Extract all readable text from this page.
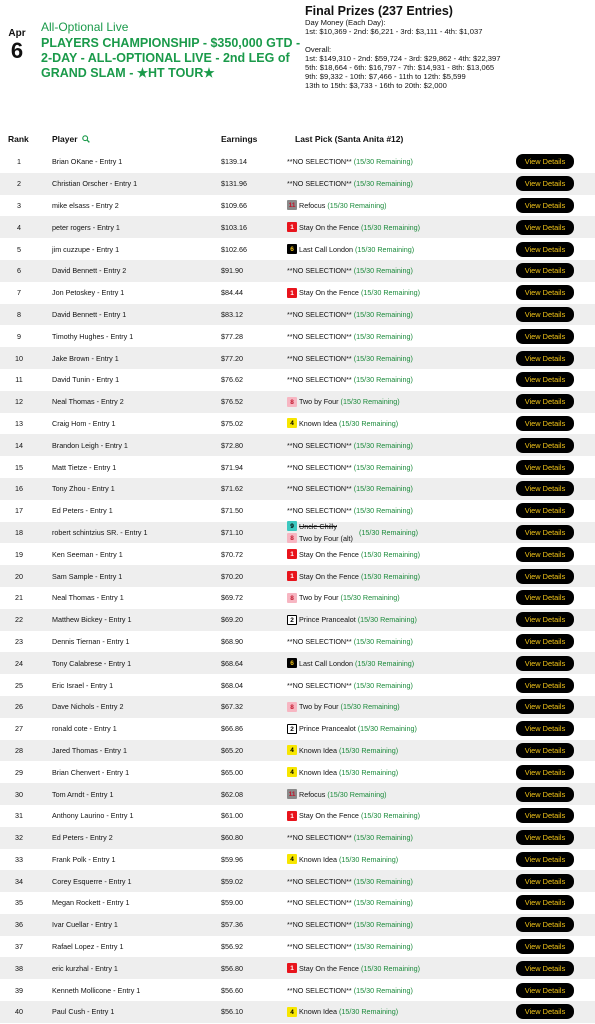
Apr
6
All-Optional Live
PLAYERS CHAMPIONSHIP - $350,000 GTD - 2-DAY - ALL-OPTIONAL LIVE - 2nd LEG of GRAND SLAM - ★HT TOUR★
Final Prizes (237 Entries)
Day Money (Each Day):
1st: $10,369 - 2nd: $6,221 - 3rd: $3,111 - 4th: $1,037
Overall:
1st: $149,310 - 2nd: $59,724 - 3rd: $29,862 - 4th: $22,397
5th: $18,664 - 6th: $16,797 - 7th: $14,931 - 8th: $13,065
9th: $9,332 - 10th: $7,466 - 11th to 12th: $5,599
13th to 15th: $3,733 - 16th to 20th: $2,000
Rank	Player	Earnings	Last Pick (Santa Anita #12)
1	Brian OKane - Entry 1	$139.14	**NO SELECTION** (15/30 Remaining)	View Details
2	Christian Orscher - Entry 1	$131.96	**NO SELECTION** (15/30 Remaining)	View Details
3	mike elsass - Entry 2	$109.66	11 Refocus (15/30 Remaining)	View Details
4	peter rogers - Entry 1	$103.16	1 Stay On the Fence (15/30 Remaining)	View Details
5	jim cuzzupe - Entry 1	$102.66	6 Last Call London (15/30 Remaining)	View Details
6	David Bennett - Entry 2	$91.90	**NO SELECTION** (15/30 Remaining)	View Details
7	Jon Petoskey - Entry 1	$84.44	1 Stay On the Fence (15/30 Remaining)	View Details
8	David Bennett - Entry 1	$83.12	**NO SELECTION** (15/30 Remaining)	View Details
9	Timothy Hughes - Entry 1	$77.28	**NO SELECTION** (15/30 Remaining)	View Details
10	Jake Brown - Entry 1	$77.20	**NO SELECTION** (15/30 Remaining)	View Details
11	David Tunin - Entry 1	$76.62	**NO SELECTION** (15/30 Remaining)	View Details
12	Neal Thomas - Entry 2	$76.52	8 Two by Four (15/30 Remaining)	View Details
13	Craig Hom - Entry 1	$75.02	4 Known Idea (15/30 Remaining)	View Details
14	Brandon Leigh - Entry 1	$72.80	**NO SELECTION** (15/30 Remaining)	View Details
15	Matt Tietze - Entry 1	$71.94	**NO SELECTION** (15/30 Remaining)	View Details
16	Tony Zhou - Entry 1	$71.62	**NO SELECTION** (15/30 Remaining)	View Details
17	Ed Peters - Entry 1	$71.50	**NO SELECTION** (15/30 Remaining)	View Details
18	robert schintzius SR. - Entry 1	$71.10
9 Uncle Chilly
8 Two by Four (alt)
(15/30 Remaining)	View Details
19	Ken Seeman - Entry 1	$70.72	1 Stay On the Fence (15/30 Remaining)	View Details
20	Sam Sample - Entry 1	$70.20	1 Stay On the Fence (15/30 Remaining)	View Details
21	Neal Thomas - Entry 1	$69.72	8 Two by Four (15/30 Remaining)	View Details
22	Matthew Bickey - Entry 1	$69.20	2 Prince Prancealot (15/30 Remaining)	View Details
23	Dennis Tiernan - Entry 1	$68.90	**NO SELECTION** (15/30 Remaining)	View Details
24	Tony Calabrese - Entry 1	$68.64	6 Last Call London (15/30 Remaining)	View Details
25	Eric Israel - Entry 1	$68.04	**NO SELECTION** (15/30 Remaining)	View Details
26	Dave Nichols - Entry 2	$67.32	8 Two by Four (15/30 Remaining)	View Details
27	ronald cote - Entry 1	$66.86	2 Prince Prancealot (15/30 Remaining)	View Details
28	Jared Thomas - Entry 1	$65.20	4 Known Idea (15/30 Remaining)	View Details
29	Brian Chenvert - Entry 1	$65.00	4 Known Idea (15/30 Remaining)	View Details
30	Tom Arndt - Entry 1	$62.08	11 Refocus (15/30 Remaining)	View Details
31	Anthony Laurino - Entry 1	$61.00	1 Stay On the Fence (15/30 Remaining)	View Details
32	Ed Peters - Entry 2	$60.80	**NO SELECTION** (15/30 Remaining)	View Details
33	Frank Polk - Entry 1	$59.96	4 Known Idea (15/30 Remaining)	View Details
34	Corey Esquerre - Entry 1	$59.02	**NO SELECTION** (15/30 Remaining)	View Details
35	Megan Rockett - Entry 1	$59.00	**NO SELECTION** (15/30 Remaining)	View Details
36	Ivar Cuellar - Entry 1	$57.36	**NO SELECTION** (15/30 Remaining)	View Details
37	Rafael Lopez - Entry 1	$56.92	**NO SELECTION** (15/30 Remaining)	View Details
38	eric kurzhal - Entry 1	$56.80	1 Stay On the Fence (15/30 Remaining)	View Details
39	Kenneth Mollicone - Entry 1	$56.60	**NO SELECTION** (15/30 Remaining)	View Details
40	Paul Cush - Entry 1	$56.10	4 Known Idea (15/30 Remaining)	View Details
